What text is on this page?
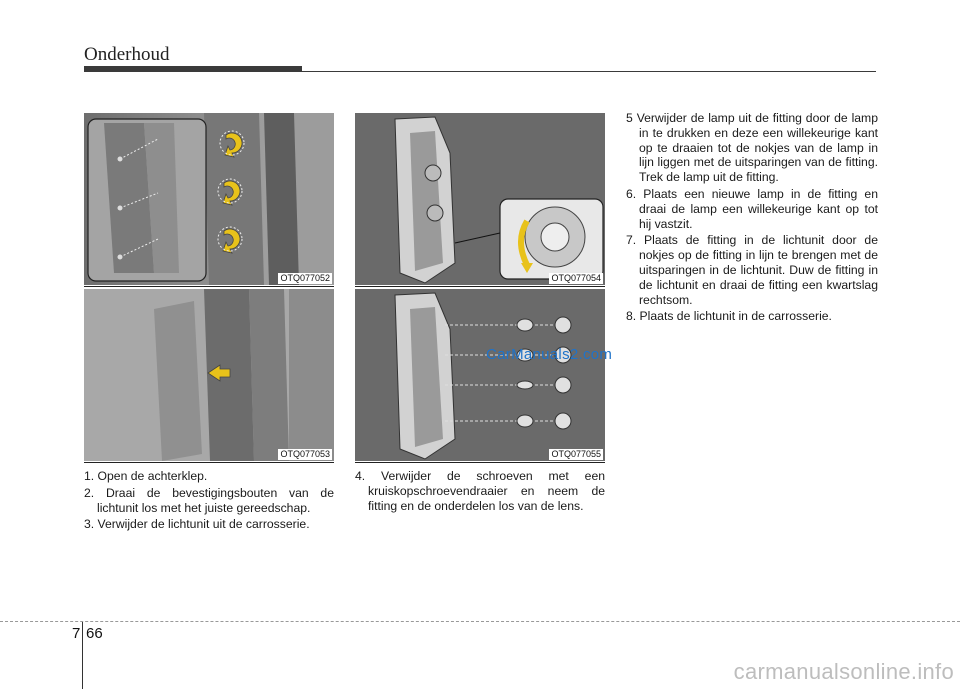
Onderhoud
OTQ077052	OTQ077054
OTQ077053	OTQ077055
CarManuals2.com
1. Open de achterklep.
2. Draai de bevestigingsbouten van de lichtunit los met het juiste gereedschap.
3. Verwijder de lichtunit uit de carrosserie.
4. Verwijder de schroeven met een kruiskopschroevendraaier en neem de fitting en de onderdelen los van de lens.
5 Verwijder de lamp uit de fitting door de lamp in te drukken en deze een willekeurige kant op te draaien tot de nokjes van de lamp in lijn liggen met de uitsparingen van de fitting. Trek de lamp uit de fitting.
6. Plaats een nieuwe lamp in de fitting en draai de lamp een willekeurige kant op tot hij vastzit.
7. Plaats de fitting in de lichtunit door de nokjes op de fitting in lijn te brengen met de uitsparingen in de lichtunit. Duw de fitting in de lichtunit en draai de fitting een kwartslag rechtsom.
8. Plaats de lichtunit in de carrosserie.
7 66
carmanualsonline.info
